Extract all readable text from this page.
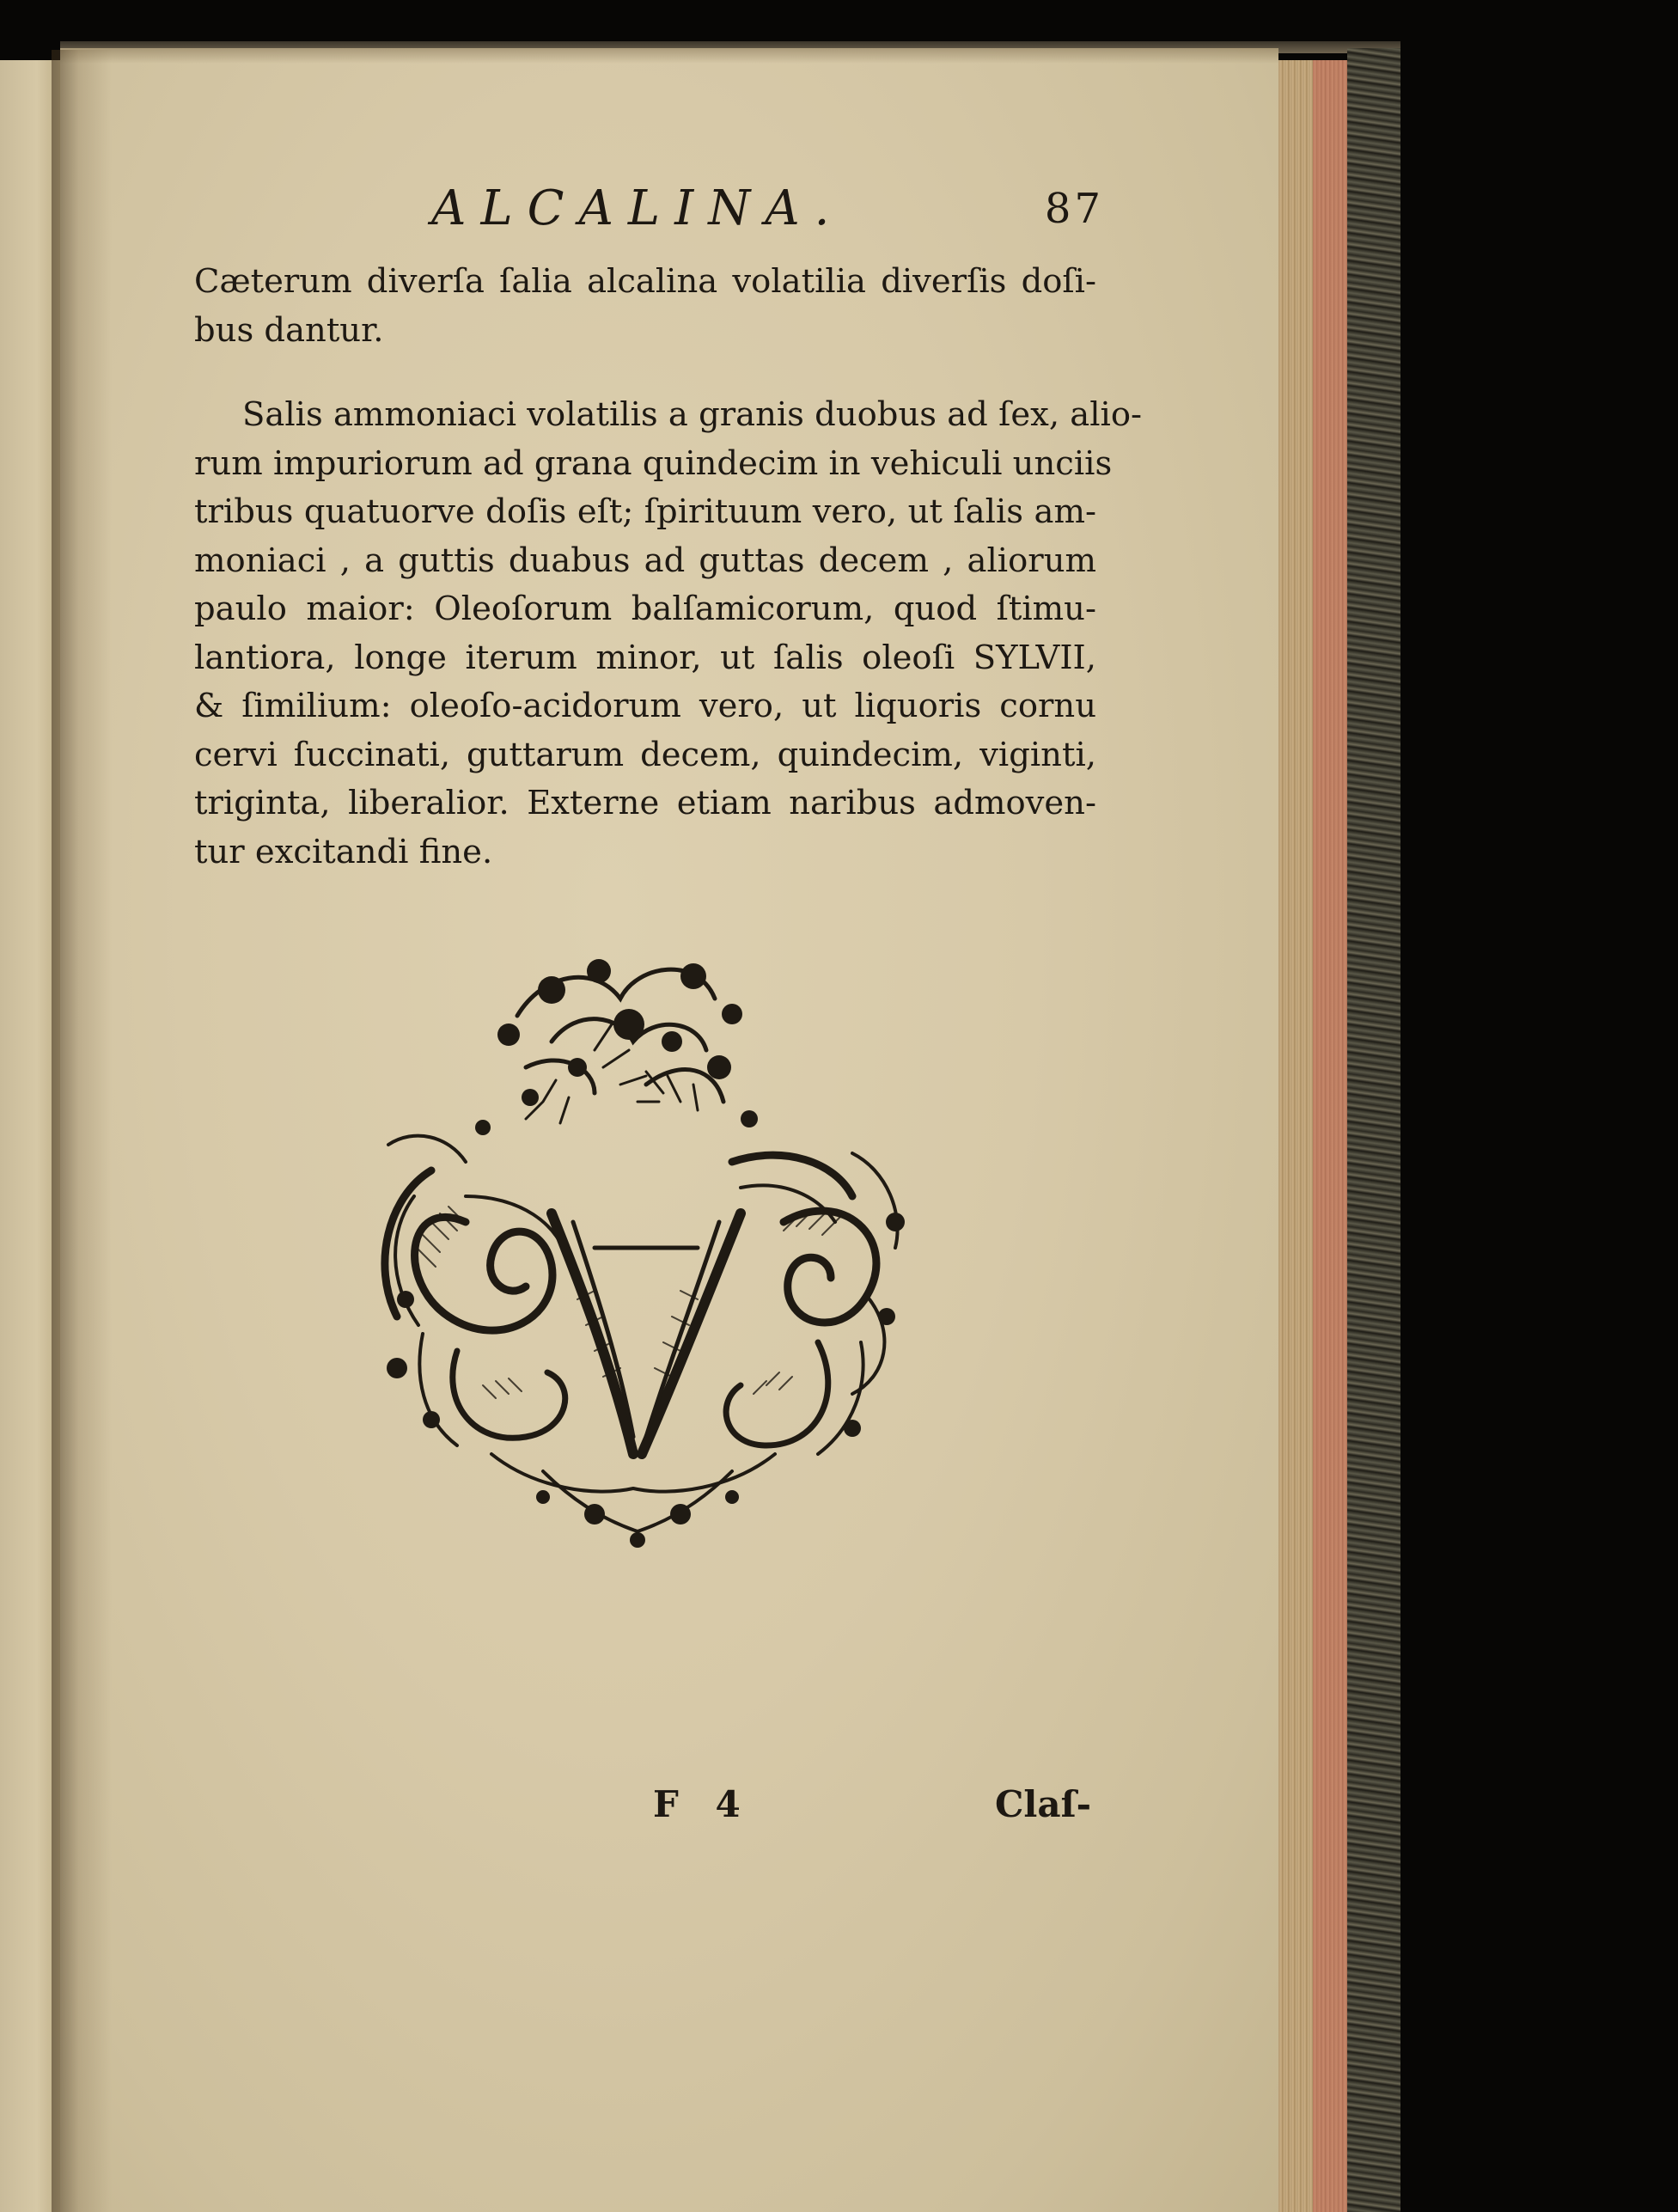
ALCALINA.	87
Cæterum diverſa ſalia alcalina volatilia diverſis doſi-
bus dantur.
Salis ammoniaci volatilis a granis duobus ad ſex, alio-
rum impuriorum ad grana quindecim in vehiculi unciis
tribus quatuorve doſis eſt; ſpirituum vero, ut ſalis am-
moniaci , a guttis duabus ad guttas decem , aliorum
paulo maior: Oleoſorum balſamicorum, quod ſtimu-
lantiora, longe iterum minor, ut ſalis oleoſi SYLVII,
& ſimilium: oleoſo-acidorum vero, ut liquoris cornu
cervi ſuccinati, guttarum decem, quindecim, viginti,
triginta, liberalior. Externe etiam naribus admoven-
tur excitandi fine.
F 4	Claſ-
